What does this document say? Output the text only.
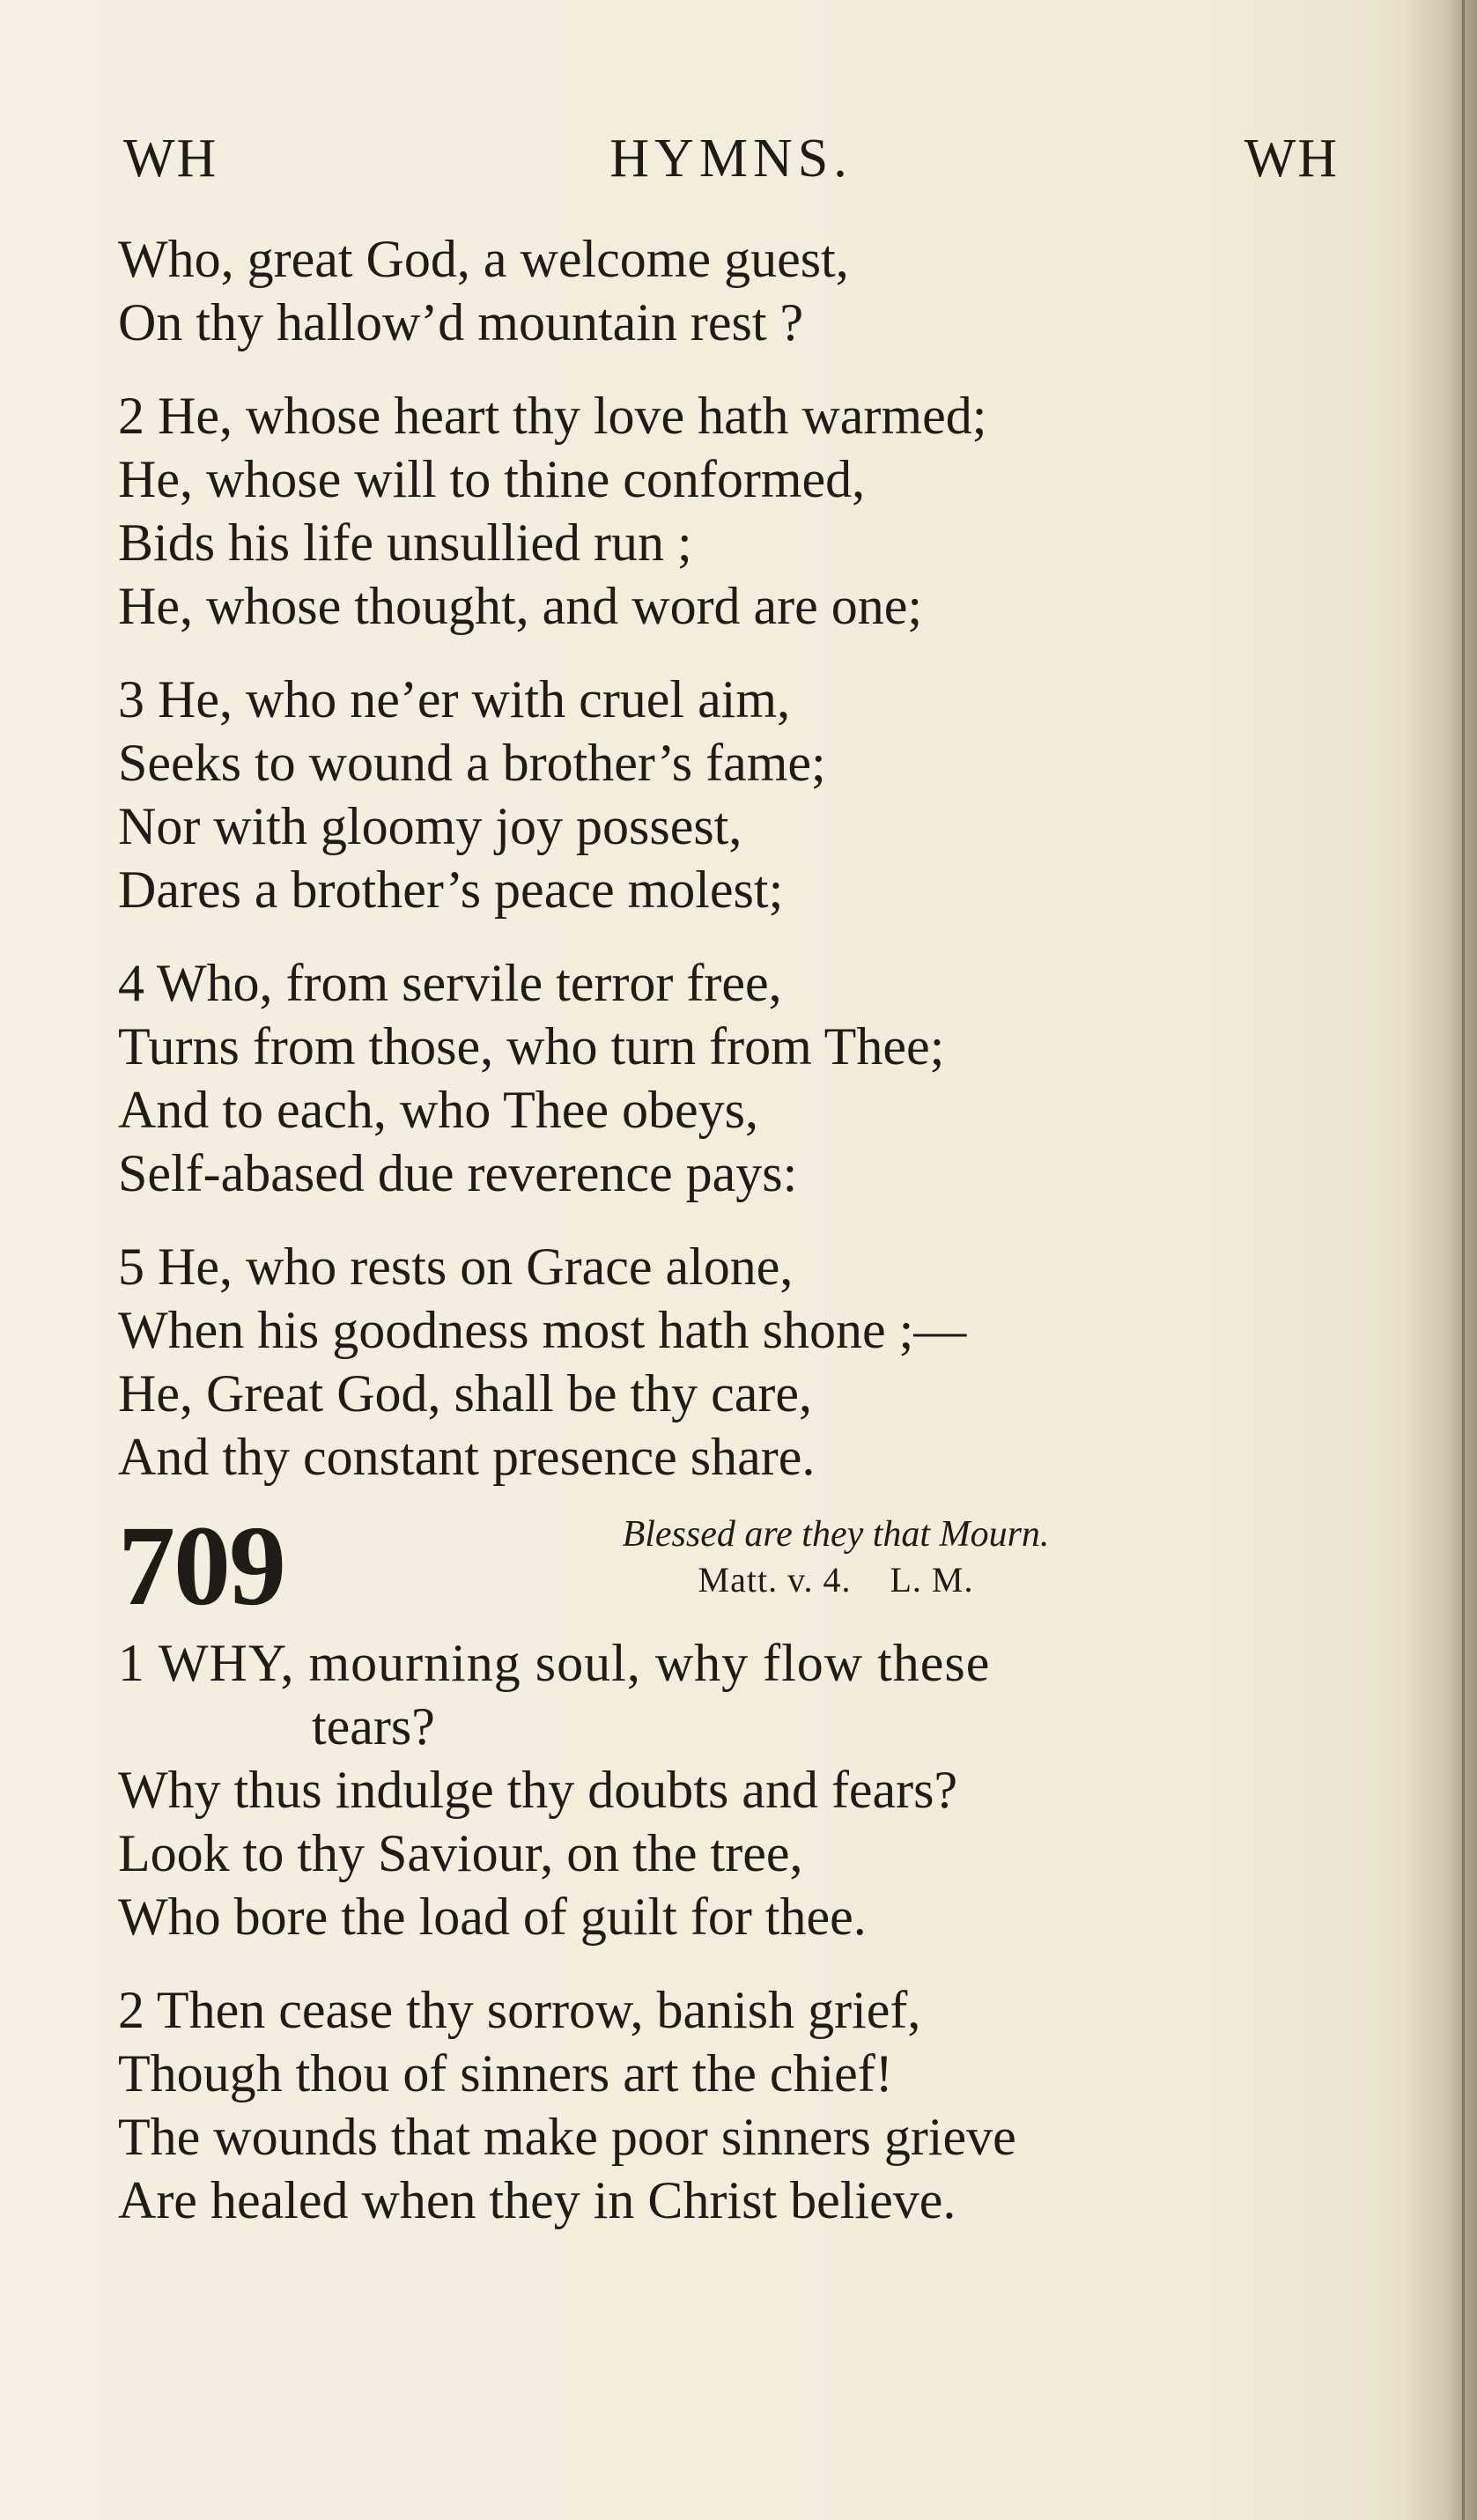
WH	HYMNS.	WH
Who, great God, a welcome guest,
On thy hallow’d mountain rest ?
2 He, whose heart thy love hath warmed;
He, whose will to thine conformed,
Bids his life unsullied run ;
He, whose thought, and word are one;
3 He, who ne’er with cruel aim,
Seeks to wound a brother’s fame;
Nor with gloomy joy possest,
Dares a brother’s peace molest;
4 Who, from servile terror free,
Turns from those, who turn from Thee;
And to each, who Thee obeys,
Self-abased due reverence pays:
5 He, who rests on Grace alone,
When his goodness most hath shone ;—
He, Great God, shall be thy care,
And thy constant presence share.
709	Blessed are they that Mourn.
Matt. v. 4. L. M.
1 WHY, mourning soul, why flow these
tears?
Why thus indulge thy doubts and fears?
Look to thy Saviour, on the tree,
Who bore the load of guilt for thee.
2 Then cease thy sorrow, banish grief,
Though thou of sinners art the chief!
The wounds that make poor sinners grieve
Are healed when they in Christ believe.
